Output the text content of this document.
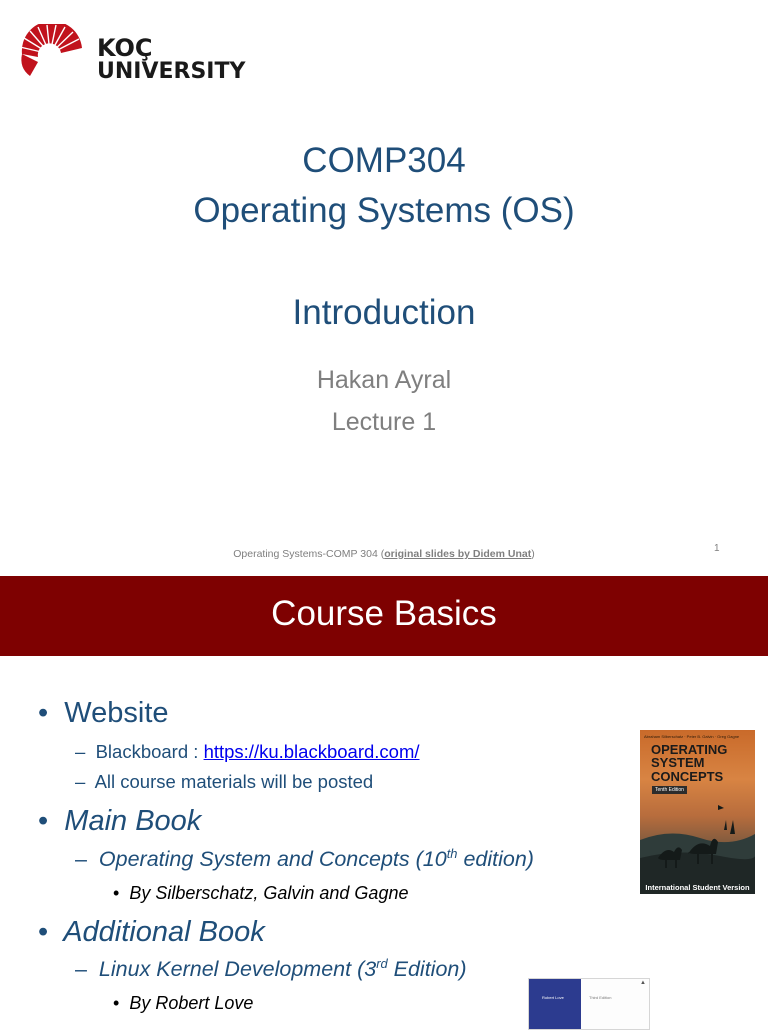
KOÇ
UNIVERSITY
COMP304
Operating Systems (OS)
Introduction
Hakan Ayral
Lecture 1
Operating Systems-COMP 304 (original slides by Didem Unat)	1
Course Basics
• Website
– Blackboard : https://ku.blackboard.com/
– All course materials will be posted
• Main Book
– Operating System and Concepts (10th edition)
• By Silberschatz, Galvin and Gagne
• Additional Book
– Linux Kernel Development (3rd Edition)
• By Robert Love
Abraham Silberschatz · Peter B. Galvin · Greg Gagne
OPERATING
SYSTEM
CONCEPTS
Tenth Edition
International Student Version
Robert Love	Third Edition
▲
